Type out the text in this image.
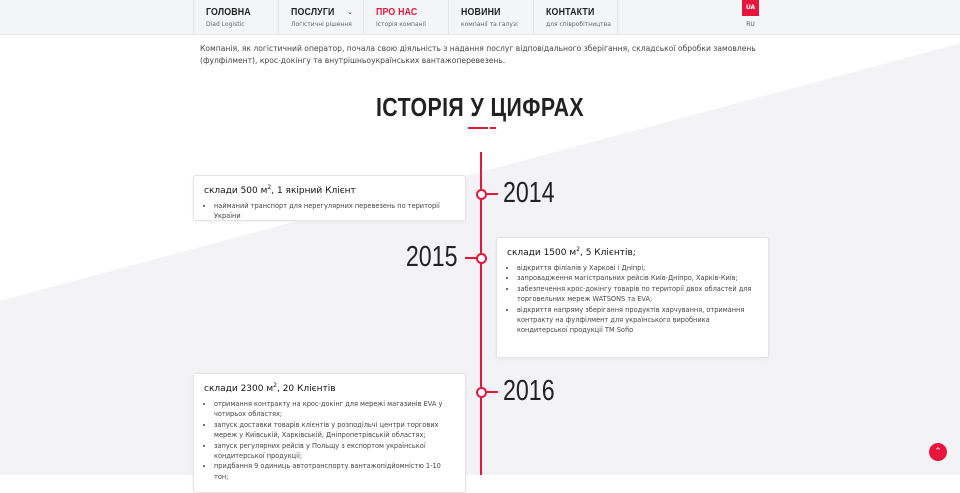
ГОЛОВНА
Diad Logistic
ПОСЛУГИ
Логістичні рішення
⌄ ПРО НАС
Історія компанії
НОВИНИ
компанії та галузі
КОНТАКТИ
для співробітництва
UA
RU

Компанія, як логістичний оператор, почала свою діяльність з надання послуг відповідального зберігання, складської обробки замовлень (фулфілмент), крос-докінгу та внутрішньоукраїнських вантажоперевезень.

ІСТОРІЯ У ЦИФРАХ
склади 500 $м^2$, 1 якірний Клієнт
• найманий транспорт для нерегулярних перевезень по території України
2014
склади 1500 $м^2$, 5 Клієнтів;
• відкриття філіалів у Харкові і Дніпрі;
• запровадження магістральних рейсів Київ-Дніпро, Харків-Київ;
• забезпечення крос-докінгу товарів по території двох областей для торговельних мереж WATSONS та EVA;
• відкриття напряму зберігання продуктів харчування, отримання контракту на фулфілмент для українського виробника кондитерської продукції ТМ Sofio
2015
склади 2300 $м^2$, 20 Клієнтів
• отримання контракту на крос-докінг для мережі магазинів EVA у чотирьох областях;
• запуск доставки товарів клієнтів у розподільчі центри торгових мереж у Київській, Харківській, Дніпропетрівській областях;
• запуск регулярних рейсів у Польщу з експортом української кондитерської продукції;
• придбання 9 одиниць автотранспорту вантажопідйомністю 1-10 тон;
2016
⌃
